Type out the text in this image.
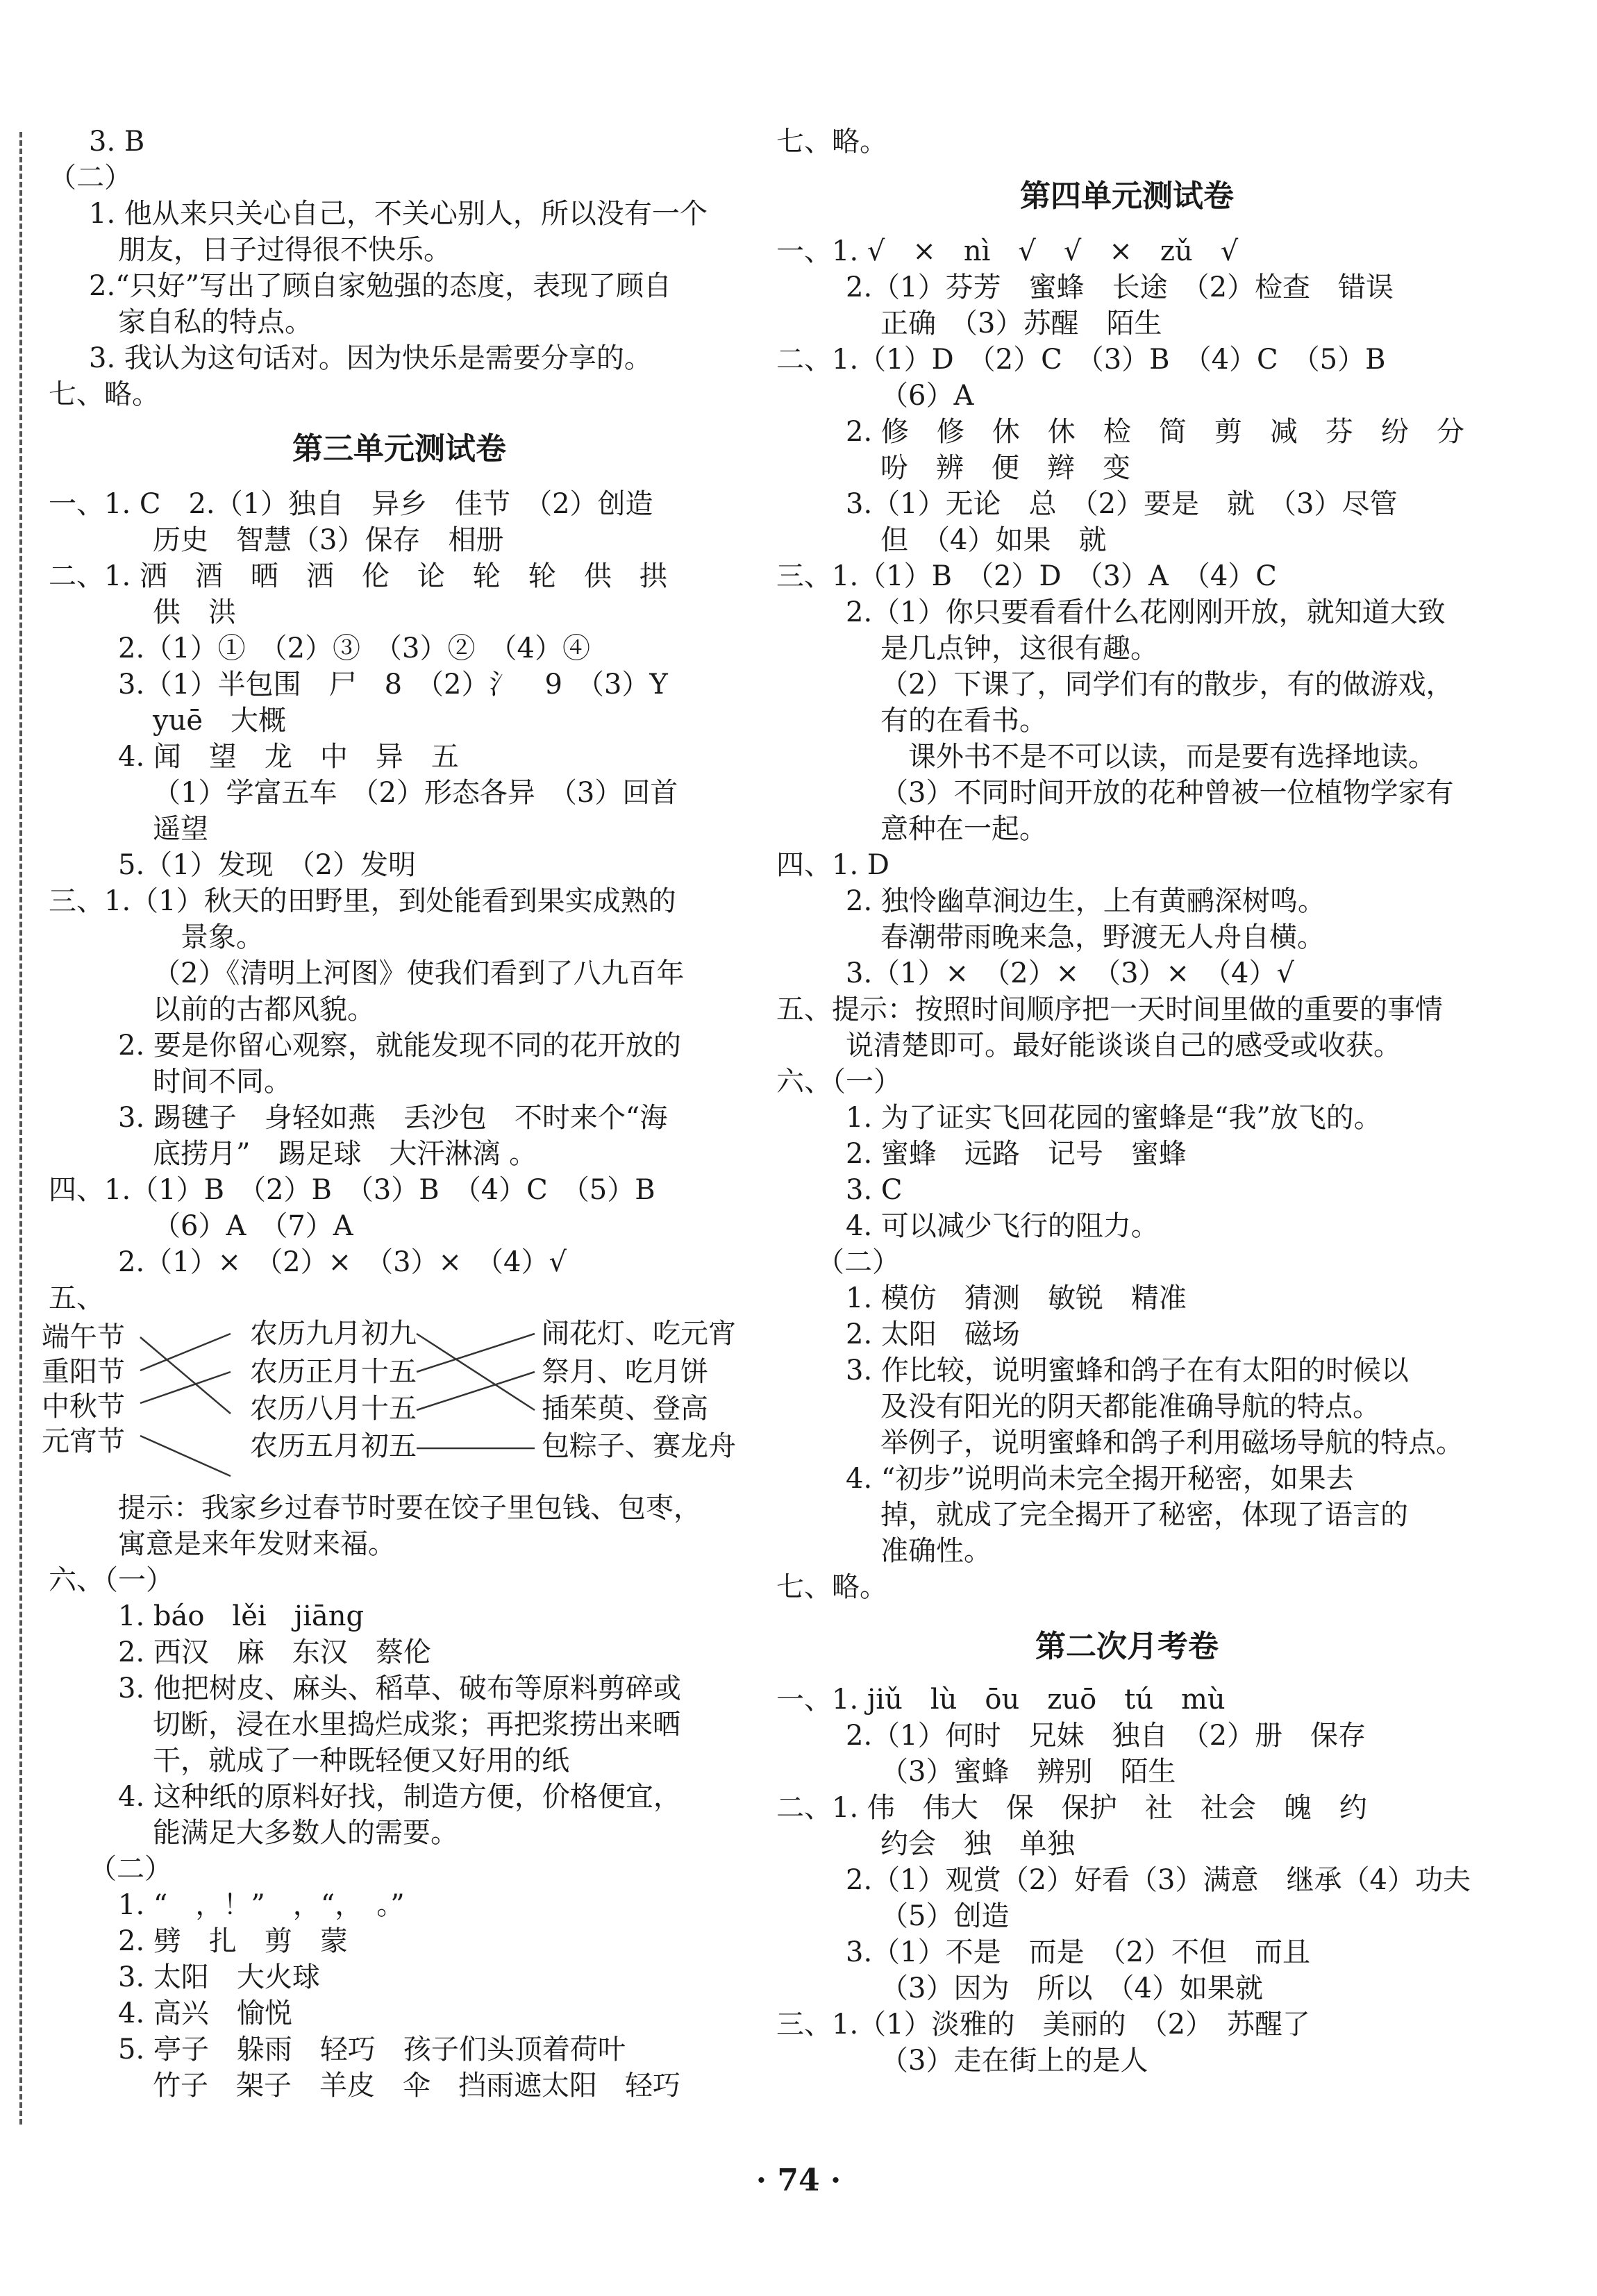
3. B
（二）
1. 他从来只关心自己，不关心别人，所以没有一个
朋友，日子过得很不快乐。
2.“只好”写出了顾自家勉强的态度，表现了顾自
家自私的特点。
3. 我认为这句话对。因为快乐是需要分享的。
七、略。
第三单元测试卷
一、1. C　2.（1）独自　异乡　佳节　（2）创造
历史　智慧（3）保存　相册
二、1. 洒　酒　晒　洒　伦　论　轮　轮　供　拱
供　洪
2.（1）①　（2）③　（3）②　（4）④
3.（1）半包围　尸　8　（2）氵　9　（3）Y
yuē　大概
4. 闻　望　龙　中　异　五
（1）学富五车　（2）形态各异　（3）回首
遥望
5.（1）发现　（2）发明
三、1.（1）秋天的田野里，到处能看到果实成熟的
景象。
（2）《清明上河图》使我们看到了八九百年
以前的古都风貌。
2. 要是你留心观察，就能发现不同的花开放的
时间不同。
3. 踢毽子　身轻如燕　丢沙包　不时来个“海
底捞月”　踢足球　大汗淋漓 。
四、1.（1）B　（2）B　（3）B　（4）C　（5）B
（6）A　（7）A
2.（1）×　（2）×　（3）×　（4）√
五、
端午节
重阳节
中秋节
元宵节
农历九月初九
农历正月十五
农历八月十五
农历五月初五
闹花灯、吃元宵
祭月、吃月饼
插茱萸、登高
包粽子、赛龙舟
提示：我家乡过春节时要在饺子里包钱、包枣，
寓意是来年发财来福。
六、（一）
1. báo　lěi　jiāng
2. 西汉　麻　东汉　蔡伦
3. 他把树皮、麻头、稻草、破布等原料剪碎或
切断，浸在水里捣烂成浆；再把浆捞出来晒
干，就成了一种既轻便又好用的纸
4. 这种纸的原料好找，制造方便，价格便宜，
能满足大多数人的需要。
（二）
1. “　，！”　，“，　。”
2. 劈　扎　剪　蒙
3. 太阳　大火球
4. 高兴　愉悦
5. 亭子　躲雨　轻巧　孩子们头顶着荷叶
竹子　架子　羊皮　伞　挡雨遮太阳　轻巧
七、略。
第四单元测试卷
一、1. √　×　nì　√　√　×　zǔ　√
2.（1）芬芳　蜜蜂　长途　（2）检查　错误
正确　（3）苏醒　陌生
二、1.（1）D　（2）C　（3）B　（4）C　（5）B
（6）A
2. 修　修　休　休　检　简　剪　减　芬　纷　分
吩　辨　便　辫　变
3.（1）无论　总　（2）要是　就　（3）尽管
但　（4）如果　就
三、1.（1）B　（2）D　（3）A　（4）C
2.（1）你只要看看什么花刚刚开放，就知道大致
是几点钟，这很有趣。
（2）下课了，同学们有的散步，有的做游戏，
有的在看书。
课外书不是不可以读，而是要有选择地读。
（3）不同时间开放的花种曾被一位植物学家有
意种在一起。
四、1. D
2. 独怜幽草涧边生，上有黄鹂深树鸣。
春潮带雨晚来急，野渡无人舟自横。
3.（1）×　（2）×　（3）×　（4）√
五、提示：按照时间顺序把一天时间里做的重要的事情
说清楚即可。最好能谈谈自己的感受或收获。
六、（一）
1. 为了证实飞回花园的蜜蜂是“我”放飞的。
2. 蜜蜂　远路　记号　蜜蜂
3. C
4. 可以减少飞行的阻力。
（二）
1. 模仿　猜测　敏锐　精准
2. 太阳　磁场
3. 作比较，说明蜜蜂和鸽子在有太阳的时候以
及没有阳光的阴天都能准确导航的特点。
举例子，说明蜜蜂和鸽子利用磁场导航的特点。
4. “初步”说明尚未完全揭开秘密，如果去
掉，就成了完全揭开了秘密，体现了语言的
准确性。
七、略。
第二次月考卷
一、1. jiǔ　lù　ōu　zuō　tú　mù
2.（1）何时　兄妹　独自　（2）册　保存
（3）蜜蜂　辨别　陌生
二、1. 伟　伟大　保　保护　社　社会　魄　约
约会　独　单独
2.（1）观赏（2）好看（3）满意　继承（4）功夫
（5）创造
3.（1）不是　而是　（2）不但　而且
（3）因为　所以　（4）如果就
三、1.（1）淡雅的　美丽的　（2）　苏醒了
（3）走在街上的是人
· 74 ·
